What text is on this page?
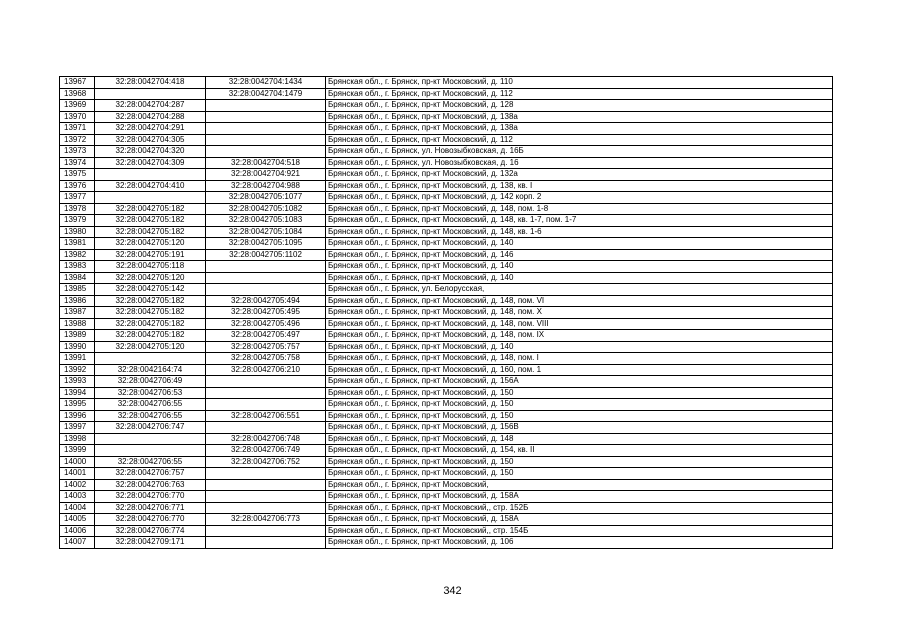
13967	32:28:0042704:418	32:28:0042704:1434	Брянская обл., г. Брянск, пр-кт Московский, д. 110
13968		32:28:0042704:1479	Брянская обл., г. Брянск, пр-кт Московский, д. 112
13969	32:28:0042704:287		Брянская обл., г. Брянск, пр-кт Московский, д. 128
13970	32:28:0042704:288		Брянская обл., г. Брянск, пр-кт Московский, д. 138а
13971	32:28:0042704:291		Брянская обл., г. Брянск, пр-кт Московский, д. 138а
13972	32:28:0042704:305		Брянская обл., г. Брянск, пр-кт Московский, д. 112
13973	32:28:0042704:320		Брянская обл., г. Брянск, ул. Новозыбковская, д. 16Б
13974	32:28:0042704:309	32:28:0042704:518	Брянская обл., г. Брянск, ул. Новозыбковская, д. 16
13975		32:28:0042704:921	Брянская обл., г. Брянск, пр-кт Московский, д. 132а
13976	32:28:0042704:410	32:28:0042704:988	Брянская обл., г. Брянск, пр-кт Московский, д. 138, кв. I
13977		32:28:0042705:1077	Брянская обл., г. Брянск, пр-кт Московский, д. 142 корп. 2
13978	32:28:0042705:182	32:28:0042705:1082	Брянская обл., г. Брянск, пр-кт Московский, д. 148, пом. 1-8
13979	32:28:0042705:182	32:28:0042705:1083	Брянская обл., г. Брянск, пр-кт Московский, д. 148, кв. 1-7, пом. 1-7
13980	32:28:0042705:182	32:28:0042705:1084	Брянская обл., г. Брянск, пр-кт Московский, д. 148, кв. 1-6
13981	32:28:0042705:120	32:28:0042705:1095	Брянская обл., г. Брянск, пр-кт Московский, д. 140
13982	32:28:0042705:191	32:28:0042705:1102	Брянская обл., г. Брянск, пр-кт Московский, д. 146
13983	32:28:0042705:118		Брянская обл., г. Брянск, пр-кт Московский, д. 140
13984	32:28:0042705:120		Брянская обл., г. Брянск, пр-кт Московский, д. 140
13985	32:28:0042705:142		Брянская обл., г. Брянск, ул. Белорусская,
13986	32:28:0042705:182	32:28:0042705:494	Брянская обл., г. Брянск, пр-кт Московский, д. 148, пом. VI
13987	32:28:0042705:182	32:28:0042705:495	Брянская обл., г. Брянск, пр-кт Московский, д. 148, пом. X
13988	32:28:0042705:182	32:28:0042705:496	Брянская обл., г. Брянск, пр-кт Московский, д. 148, пом. VIII
13989	32:28:0042705:182	32:28:0042705:497	Брянская обл., г. Брянск, пр-кт Московский, д. 148, пом. IX
13990	32:28:0042705:120	32:28:0042705:757	Брянская обл., г. Брянск, пр-кт Московский, д. 140
13991		32:28:0042705:758	Брянская обл., г. Брянск, пр-кт Московский, д. 148, пом. I
13992	32:28:0042164:74	32:28:0042706:210	Брянская обл., г. Брянск, пр-кт Московский, д. 160, пом. 1
13993	32:28:0042706:49		Брянская обл., г. Брянск, пр-кт Московский, д. 156А
13994	32:28:0042706:53		Брянская обл., г. Брянск, пр-кт Московский, д. 150
13995	32:28:0042706:55		Брянская обл., г. Брянск, пр-кт Московский, д. 150
13996	32:28:0042706:55	32:28:0042706:551	Брянская обл., г. Брянск, пр-кт Московский, д. 150
13997	32:28:0042706:747		Брянская обл., г. Брянск, пр-кт Московский, д. 156В
13998		32:28:0042706:748	Брянская обл., г. Брянск, пр-кт Московский, д. 148
13999		32:28:0042706:749	Брянская обл., г. Брянск, пр-кт Московский, д. 154, кв. II
14000	32:28:0042706:55	32:28:0042706:752	Брянская обл., г. Брянск, пр-кт Московский, д. 150
14001	32:28:0042706:757		Брянская обл., г. Брянск, пр-кт Московский, д. 150
14002	32:28:0042706:763		Брянская обл., г. Брянск, пр-кт Московский,
14003	32:28:0042706:770		Брянская обл., г. Брянск, пр-кт Московский, д. 158А
14004	32:28:0042706:771		Брянская обл., г. Брянск, пр-кт Московский,, стр. 152Б
14005	32:28:0042706:770	32:28:0042706:773	Брянская обл., г. Брянск, пр-кт Московский, д. 158А
14006	32:28:0042706:774		Брянская обл., г. Брянск, пр-кт Московский,, стр. 154Б
14007	32:28:0042709:171		Брянская обл., г. Брянск, пр-кт Московский, д. 106
342
